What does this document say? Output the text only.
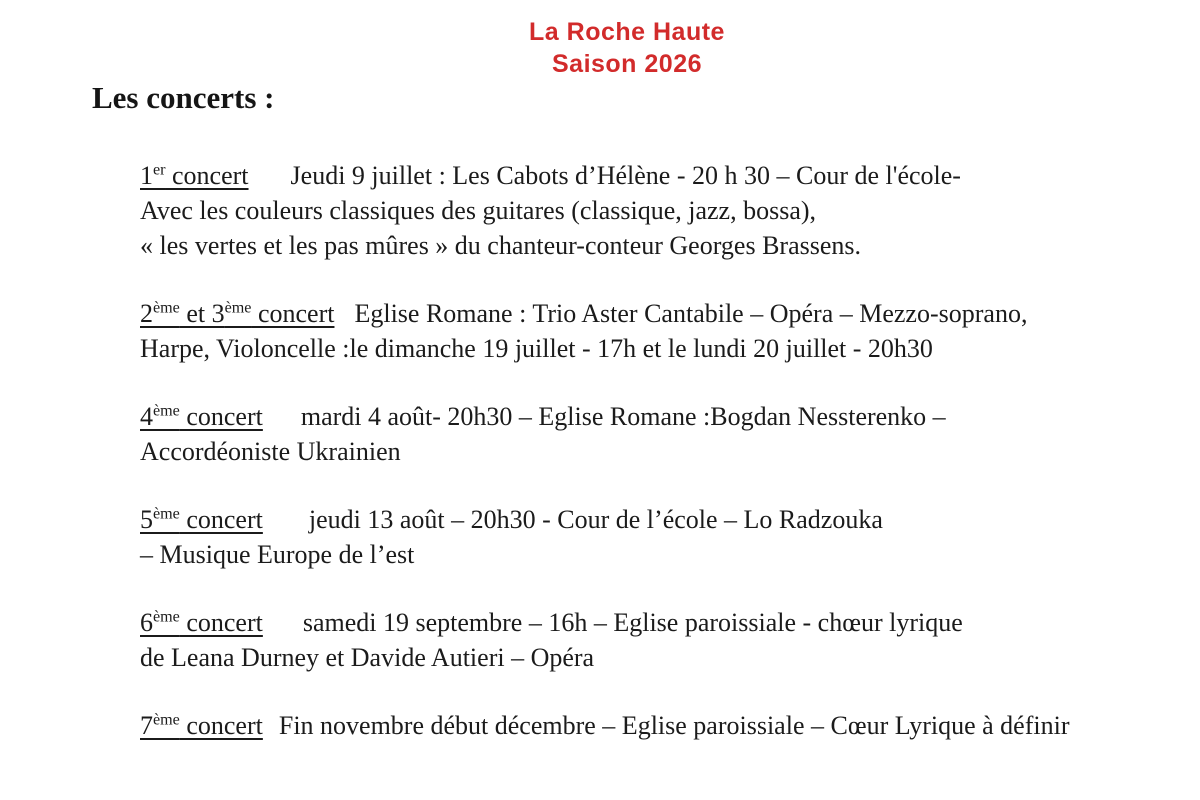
La Roche Haute
Saison 2026
Les concerts :

1er concert Jeudi 9 juillet : Les Cabots d’Hélène - 20 h 30 – Cour de l'école-
Avec les couleurs classiques des guitares (classique, jazz, bossa),
« les vertes et les pas mûres » du chanteur-conteur Georges Brassens.

2ème et 3ème concert Eglise Romane : Trio Aster Cantabile – Opéra – Mezzo-soprano,
Harpe, Violoncelle :le dimanche 19 juillet - 17h et le lundi 20 juillet - 20h30

4ème concert mardi 4 août- 20h30 – Eglise Romane :Bogdan Nessterenko –
Accordéoniste Ukrainien

5ème concert jeudi 13 août – 20h30 - Cour de l’école – Lo Radzouka
– Musique Europe de l’est

6ème concert samedi 19 septembre – 16h – Eglise paroissiale - chœur lyrique
de Leana Durney et Davide Autieri – Opéra

7ème concert Fin novembre début décembre – Eglise paroissiale – Cœur Lyrique à définir
